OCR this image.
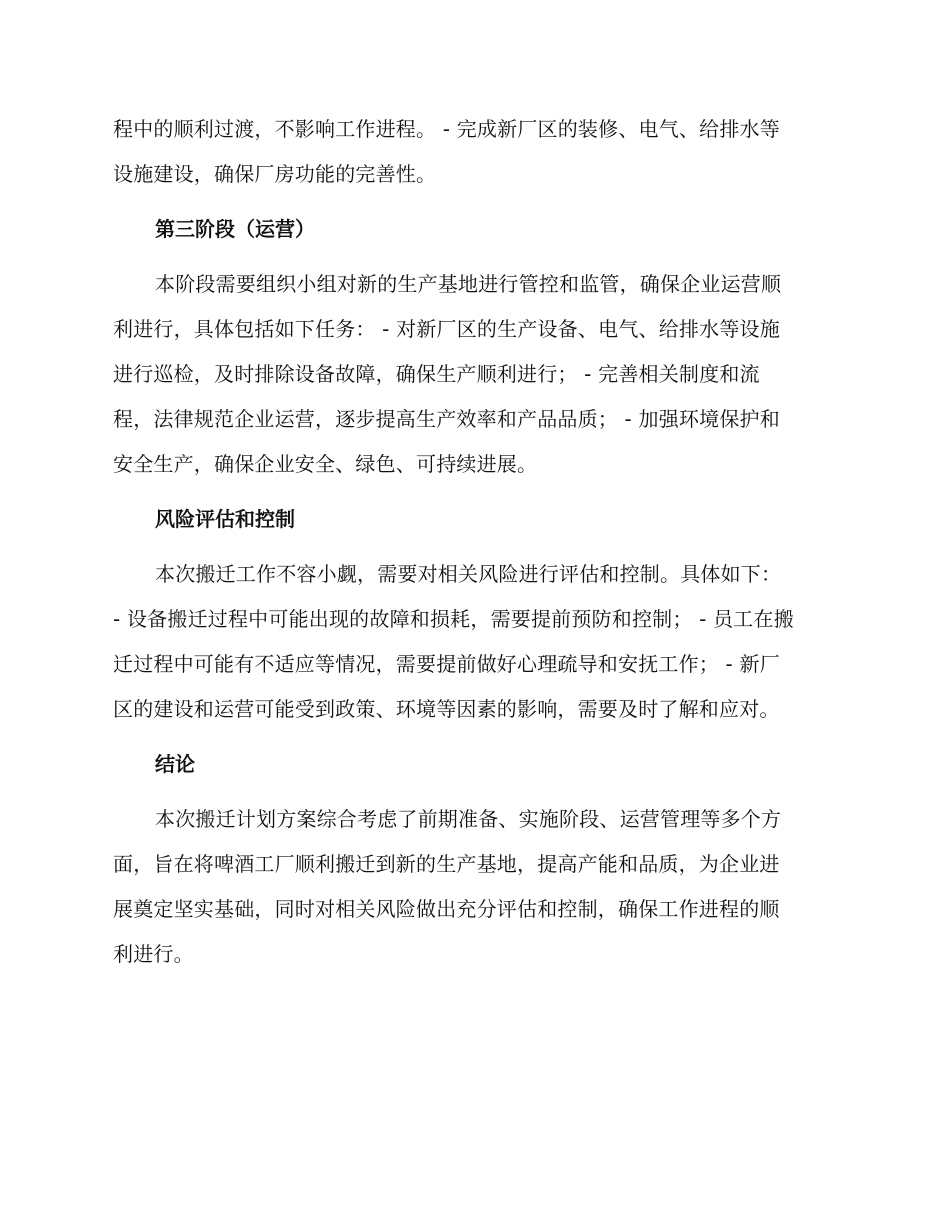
程中的顺利过渡，不影响工作进程。 - 完成新厂区的装修、电气、给排水等
设施建设，确保厂房功能的完善性。
第三阶段（运营）
本阶段需要组织小组对新的生产基地进行管控和监管，确保企业运营顺
利进行，具体包括如下任务： - 对新厂区的生产设备、电气、给排水等设施
进行巡检，及时排除设备故障，确保生产顺利进行； - 完善相关制度和流
程，法律规范企业运营，逐步提高生产效率和产品品质； - 加强环境保护和
安全生产，确保企业安全、绿色、可持续进展。
风险评估和控制
本次搬迁工作不容小觑，需要对相关风险进行评估和控制。具体如下：
- 设备搬迁过程中可能出现的故障和损耗，需要提前预防和控制； - 员工在搬
迁过程中可能有不适应等情况，需要提前做好心理疏导和安抚工作； - 新厂
区的建设和运营可能受到政策、环境等因素的影响，需要及时了解和应对。
结论
本次搬迁计划方案综合考虑了前期准备、实施阶段、运营管理等多个方
面，旨在将啤酒工厂顺利搬迁到新的生产基地，提高产能和品质，为企业进
展奠定坚实基础，同时对相关风险做出充分评估和控制，确保工作进程的顺
利进行。
